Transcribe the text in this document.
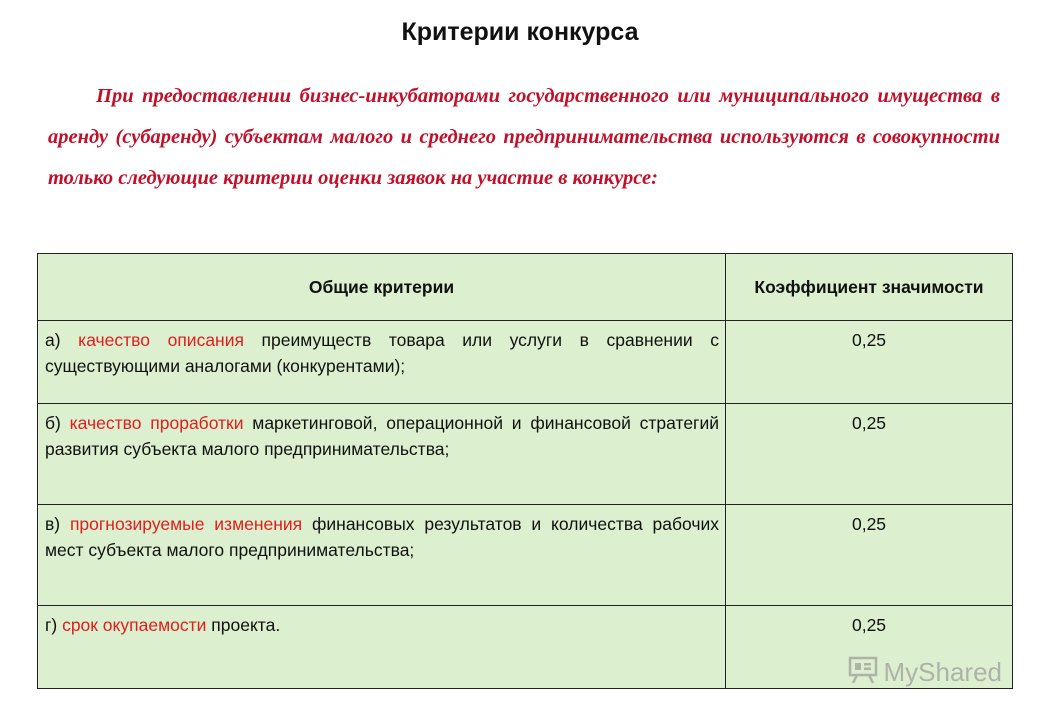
Критерии конкурса

При предоставлении бизнес-инкубаторами государственного или муниципального имущества в аренду (субаренду) субъектам малого и среднего предпринимательства используются в совокупности только следующие критерии оценки заявок на участие в конкурсе:

Общие критерии	Коэффициент значимости
а) качество описания преимуществ товара или услуги в сравнении с существующими аналогами (конкурентами);	0,25
б) качество проработки маркетинговой, операционной и финансовой стратегий развития субъекта малого предпринимательства;	0,25
в) прогнозируемые изменения финансовых результатов и количества рабочих мест субъекта малого предпринимательства;	0,25
г) срок окупаемости проекта.	0,25
MyShared
